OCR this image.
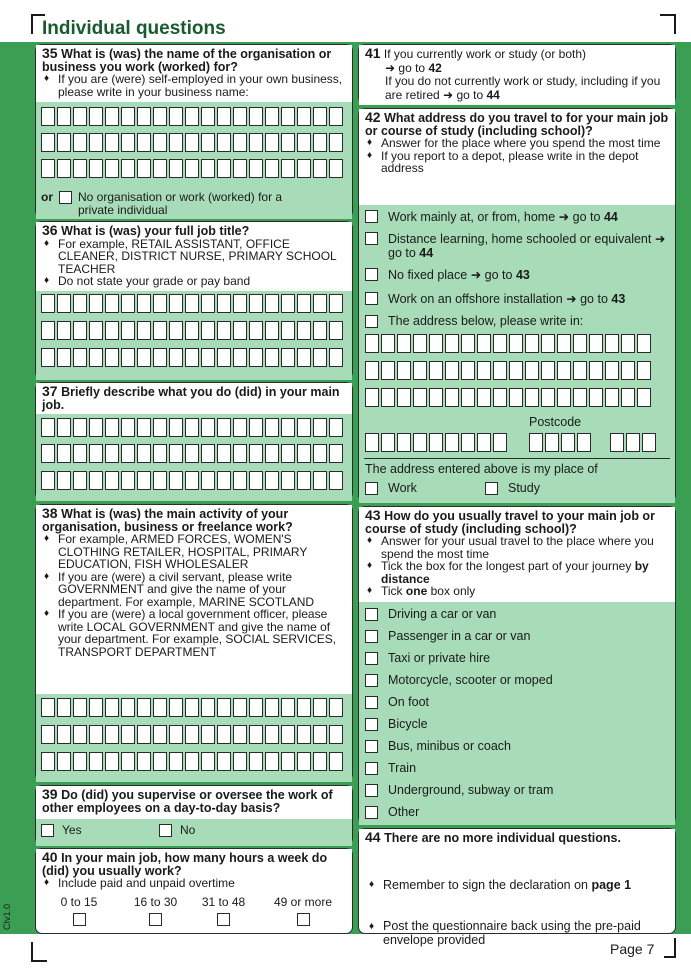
Individual questions
Page 7
CIv1.0
35 What is (was) the name of the organisation or business you work (worked) for?
♦ If you are (were) self-employed in your own business, please write in your business name:
or No organisation or work (worked) for a private individual
36 What is (was) your full job title?
♦ For example, RETAIL ASSISTANT, OFFICE CLEANER, DISTRICT NURSE, PRIMARY SCHOOL TEACHER
♦ Do not state your grade or pay band
37 Briefly describe what you do (did) in your main job.
38 What is (was) the main activity of your organisation, business or freelance work?
♦ For example, ARMED FORCES, WOMEN'S CLOTHING RETAILER, HOSPITAL, PRIMARY EDUCATION, FISH WHOLESALER
♦ If you are (were) a civil servant, please write GOVERNMENT and give the name of your department. For example, MARINE SCOTLAND
♦ If you are (were) a local government officer, please write LOCAL GOVERNMENT and give the name of your department. For example, SOCIAL SERVICES, TRANSPORT DEPARTMENT
39 Do (did) you supervise or oversee the work of other employees on a day-to-day basis?
Yes	No
40 In your main job, how many hours a week do (did) you usually work?
♦ Include paid and unpaid overtime
0 to 15	16 to 30	31 to 48	49 or more
41 If you currently work or study (or both)
➜ go to 42
If you do not currently work or study, including if you are retired ➜ go to 44
42 What address do you travel to for your main job or course of study (including school)?
♦ Answer for the place where you spend the most time
♦ If you report to a depot, please write in the depot address
Work mainly at, or from, home ➜ go to 44
Distance learning, home schooled or equivalent ➜ go to 44
No fixed place ➜ go to 43
Work on an offshore installation ➜ go to 43
The address below, please write in:
Postcode
The address entered above is my place of
Work	Study
43 How do you usually travel to your main job or course of study (including school)?
♦ Answer for your usual travel to the place where you spend the most time
♦ Tick the box for the longest part of your journey by distance
♦ Tick one box only
Driving a car or van
Passenger in a car or van
Taxi or private hire
Motorcycle, scooter or moped
On foot
Bicycle
Bus, minibus or coach
Train
Underground, subway or tram
Other
44 There are no more individual questions.
♦ Remember to sign the declaration on page 1
♦ Post the questionnaire back using the pre-paid envelope provided
